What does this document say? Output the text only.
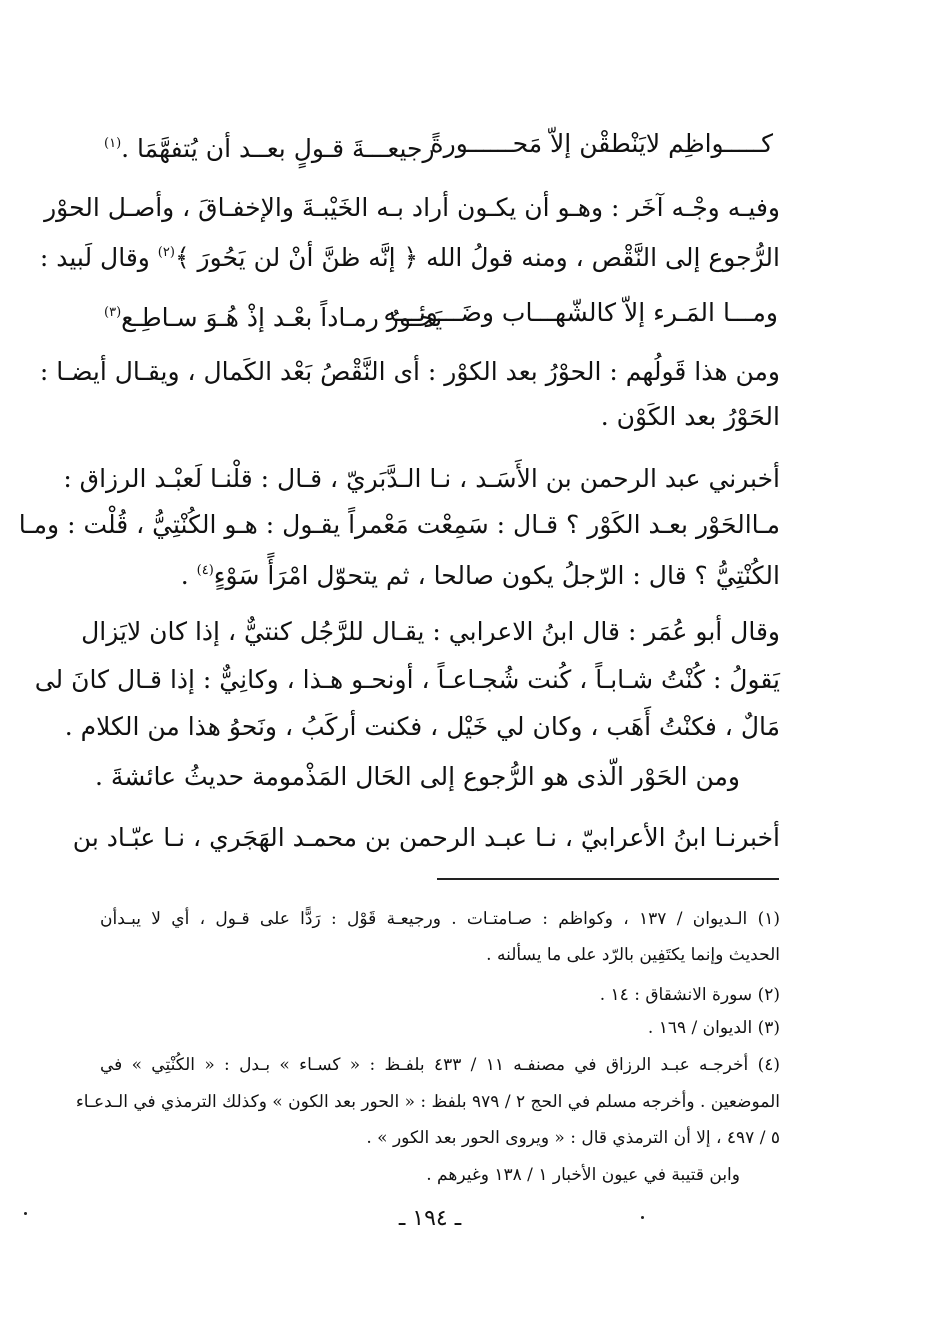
كـــــواظِم لايَنْطقْن إلاّ مَحــــــورةً
رجيعـــةَ قـولٍ بعــد أن يُتفهَّمَا .$^{(١)}$
وفيـه وجْـه آخَر : وهـو أن يكـون أراد بـه الخَيْبـةَ والإخفـاقَ ، وأصـل الحوْر
الرُّجوع إلى النَّقْص ، ومنه قولُ الله ﴿ إنَّه ظنَّ أنْ لن يَحُورَ ﴾$^{(٢)}$ وقال لَبيد :
ومـــا المَـرء إلاّ كالشّهـــاب وضَـــوئـــه
يَحـورُ رمـاداً بعْـد إذْ هُـوَ سـاطِـع$^{(٣)}$
ومن هذا قَولُهم : الحوْرُ بعد الكوْر : أى النَّقْصُ بَعْد الكَمال ، ويقـال أيضـا :
الحَوْرُ بعد الكَوْن .
أخبرني عبد الرحمن بن الأَسَـد ، نـا الـدَّبَريّ ، قـال : قلْنـا لَعبْـد الرزاق :
مـاالحَوْر بعـد الكَوْر ؟ قـال : سَمِعْت مَعْمراً يقـول : هـو الكُنْتِيُّ ، قُلْت : ومـا
الكُنْتِيُّ ؟ قال : الرّجلُ يكون صالحا ، ثم يتحوّل امْرَأً سَوْءٍ$^{(٤)}$ .
وقال أبو عُمَر : قال ابنُ الاعرابي : يقـال للرَّجُل كنتيٌّ ، إذا كان لايَزال
يَقولُ : كُنْتُ شـابـاً ، كُنت شُجـاعـاً ، أونحـو هـذا ، وكانِيٌّ : إذا قـال كانَ لى
مَالٌ ، فكنْتُ أَهَب ، وكان لي خَيْل ، فكنت أركَبُ ، ونَحوُ هذا من الكلام .
ومن الحَوْر الّذى هو الرُّجوع إلى الحَال المَذْمومة حديثُ عائشةَ .
أخبرنـا ابنُ الأعرابيّ ، نـا عبـد الرحمن بن محمـد الهَجَري ، نـا عبّـاد بن
(١) الـديوان / ١٣٧ ، وكواظم : صـامتـات . ورجيعـة قَوْل : رَدًّا على قـول ، أي لا يبـدأن
الحديث وإنما يكتَفِين بالرّد على ما يسألنه .
(٢) سورة الانشقاق : ١٤ .
(٣) الديوان / ١٦٩ .
(٤) أخرجـه عبـد الرزاق في مصنفـه ١١ / ٤٣٣ بلفـظ : « كسـاء » بـدل : « الكُنْتِي » في
الموضعين . وأخرجه مسلم في الحج ٢ / ٩٧٩ بلفظ : « الحور بعد الكون » وكذلك الترمذي في الـدعـاء
٥ / ٤٩٧ ، إلا أن الترمذي قال : « ويروى الحور بعد الكور » .
وابن قتيبة في عيون الأخبار ١ / ١٣٨ وغيرهم .
ـ ١٩٤ ـ
